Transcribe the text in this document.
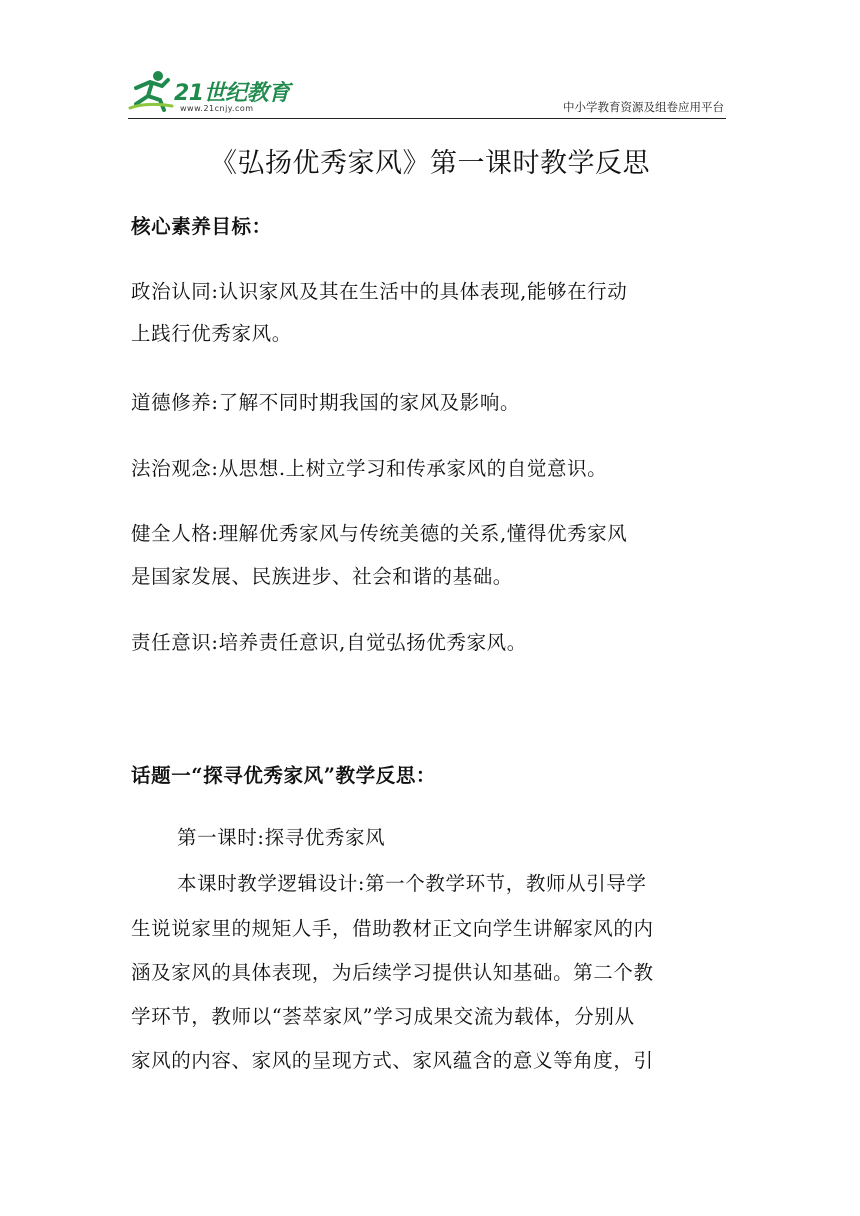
21世纪教育
www.21cnjy.com	中小学教育资源及组卷应用平台
《弘扬优秀家风》第一课时教学反思
核心素养目标：
政治认同:认识家风及其在生活中的具体表现,能够在行动
上践行优秀家风。
道德修养:了解不同时期我国的家风及影响。
法治观念:从思想.上树立学习和传承家风的自觉意识。
健全人格:理解优秀家风与传统美德的关系,懂得优秀家风
是国家发展、民族进步、社会和谐的基础。
责任意识:培养责任意识,自觉弘扬优秀家风。
话题一“探寻优秀家风”教学反思：
第一课时:探寻优秀家风
本课时教学逻辑设计:第一个教学环节，教师从引导学
生说说家里的规矩人手，借助教材正文向学生讲解家风的内
涵及家风的具体表现，为后续学习提供认知基础。第二个教
学环节，教师以“荟萃家风”学习成果交流为载体，分别从
家风的内容、家风的呈现方式、家风蕴含的意义等角度，引
